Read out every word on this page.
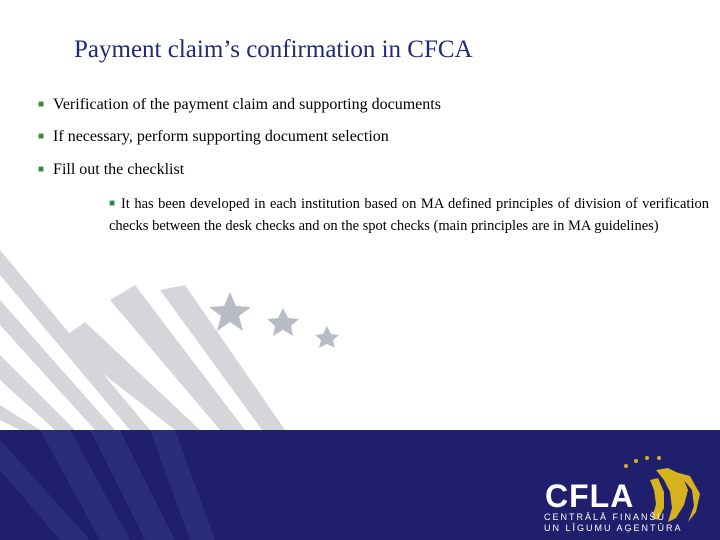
Payment claim’s confirmation in CFCA
■ Verification of the payment claim and supporting documents
■ If necessary, perform supporting document selection
■ Fill out the checklist
■ It has been developed in each institution based on MA defined principles of division of verification checks between the desk checks and on the spot checks (main principles are in MA guidelines)
CFLA
CENTRĀLĀ FINANŠU
UN LĪGUMU AĢENTŪRA
